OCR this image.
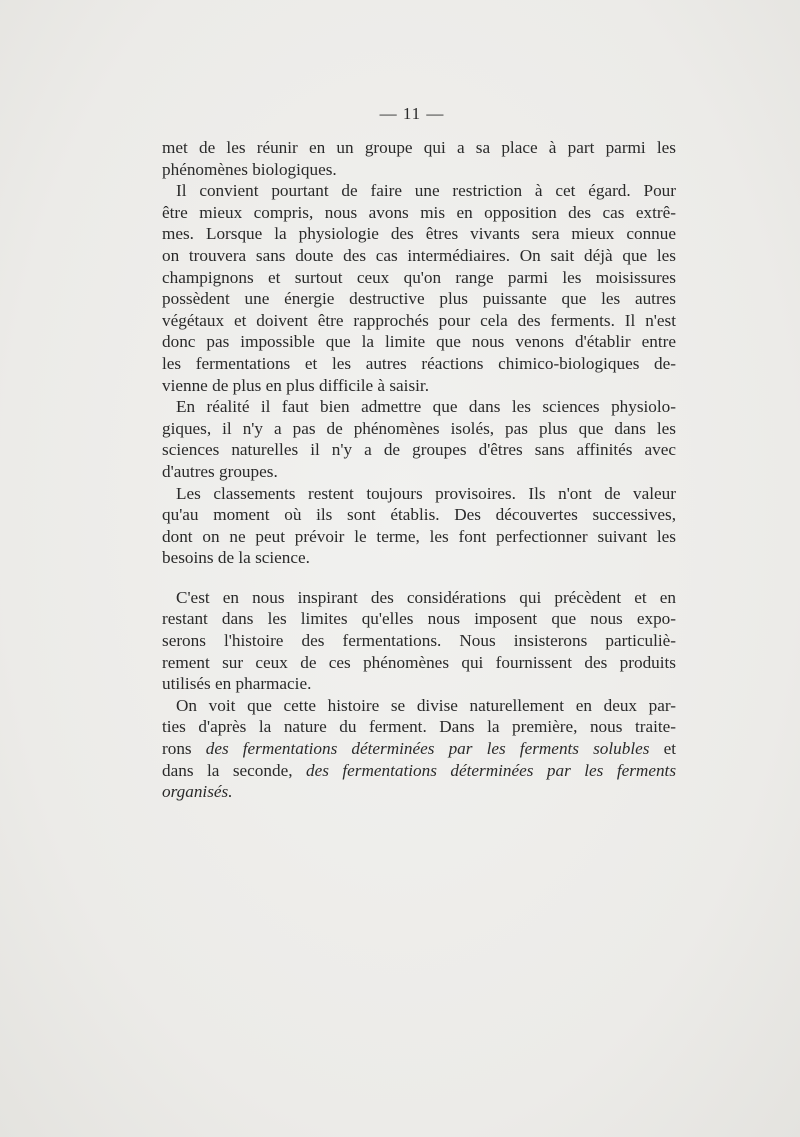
— 11 —
met de les réunir en un groupe qui a sa place à part parmi les
phénomènes biologiques.
Il convient pourtant de faire une restriction à cet égard. Pour
être mieux compris, nous avons mis en opposition des cas extrê-
mes. Lorsque la physiologie des êtres vivants sera mieux connue
on trouvera sans doute des cas intermédiaires. On sait déjà que les
champignons et surtout ceux qu'on range parmi les moisissures
possèdent une énergie destructive plus puissante que les autres
végétaux et doivent être rapprochés pour cela des ferments. Il n'est
donc pas impossible que la limite que nous venons d'établir entre
les fermentations et les autres réactions chimico-biologiques de-
vienne de plus en plus difficile à saisir.
En réalité il faut bien admettre que dans les sciences physiolo-
giques, il n'y a pas de phénomènes isolés, pas plus que dans les
sciences naturelles il n'y a de groupes d'êtres sans affinités avec
d'autres groupes.
Les classements restent toujours provisoires. Ils n'ont de valeur
qu'au moment où ils sont établis. Des découvertes successives,
dont on ne peut prévoir le terme, les font perfectionner suivant les
besoins de la science.
C'est en nous inspirant des considérations qui précèdent et en
restant dans les limites qu'elles nous imposent que nous expo-
serons l'histoire des fermentations. Nous insisterons particuliè-
rement sur ceux de ces phénomènes qui fournissent des produits
utilisés en pharmacie.
On voit que cette histoire se divise naturellement en deux par-
ties d'après la nature du ferment. Dans la première, nous traite-
rons des fermentations déterminées par les ferments solubles et
dans la seconde, des fermentations déterminées par les ferments
organisés.
